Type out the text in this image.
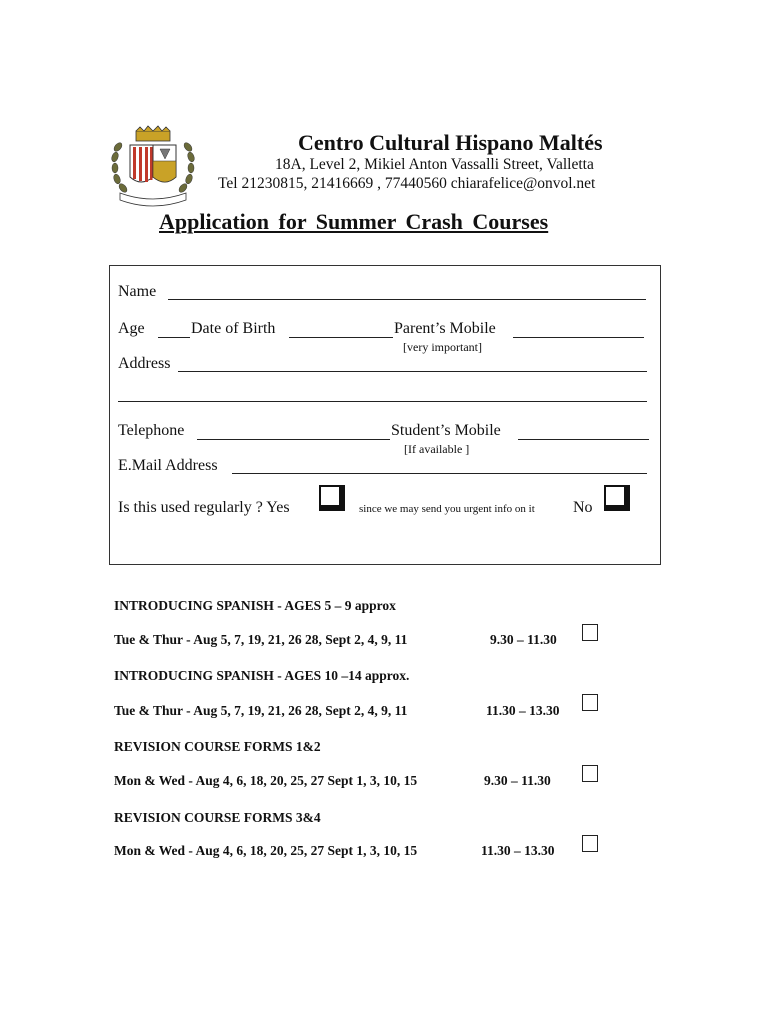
Centro Cultural Hispano Maltés
18A, Level 2, Mikiel Anton Vassalli Street, Valletta
Tel 21230815, 21416669 , 77440560 chiarafelice@onvol.net
Application for Summer Crash Courses
Name
Age	Date of Birth	Parent’s Mobile
[very important]
Address
Telephone	Student’s Mobile
[If available ]
E.Mail Address
Is this used regularly ? Yes	since we may send you urgent info on it No
INTRODUCING SPANISH - AGES 5 – 9 approx
Tue & Thur - Aug 5, 7, 19, 21, 26 28, Sept 2, 4, 9, 11	9.30 – 11.30
INTRODUCING SPANISH - AGES 10 –14 approx.
Tue & Thur - Aug 5, 7, 19, 21, 26 28, Sept 2, 4, 9, 11	11.30 – 13.30
REVISION COURSE FORMS 1&2
Mon & Wed - Aug 4, 6, 18, 20, 25, 27 Sept 1, 3, 10, 15	9.30 – 11.30
REVISION COURSE FORMS 3&4
Mon & Wed - Aug 4, 6, 18, 20, 25, 27 Sept 1, 3, 10, 15	11.30 – 13.30
